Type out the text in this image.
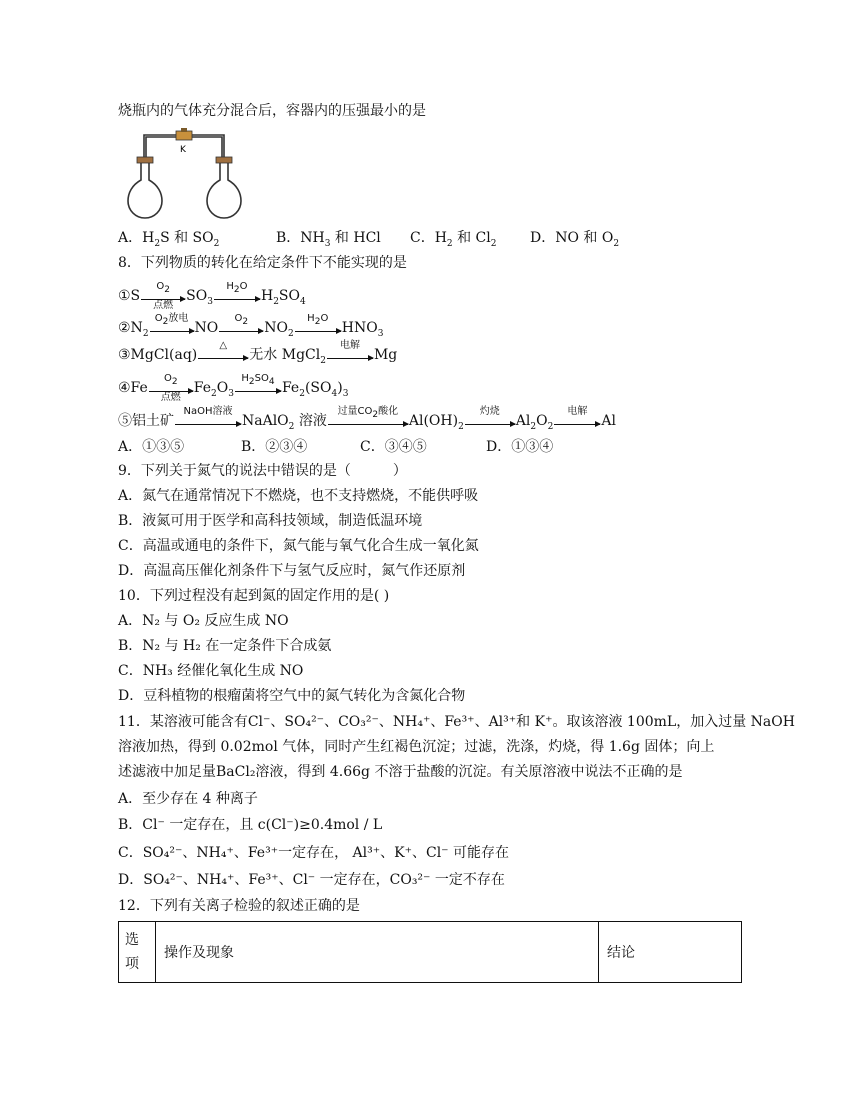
烧瓶内的气体充分混合后，容器内的压强最小的是
K
A．$H_2S$ 和 $SO_2$	B．$NH_3$ 和 HCl C．$H_2$ 和 $Cl_2$ D．NO 和 $O_2$
8．下列物质的转化在给定条件下不能实现的是
①S
$O_2$
点燃
$SO_3$
$H_2O$
$H_2SO_4$
$②N_2$
$O_2$放电
NO
$O_2$	$NO_2$
$H_2O$
$HNO_3$
③MgCl(aq)
△
无水 MgCl$_2$
电解
Mg
④Fe
$O_2$
点燃
$Fe_2O_3$
$H_2SO_4$ $Fe_2(SO_4)_3$
⑤铝土矿
NaOH溶液
NaAlO$_2$ 溶液
过量$CO_2$酸化
$Al(OH)_2$
灼烧
$Al_2O_2$
电解
Al
A．①③⑤	B．②③④	C．③④⑤	D．①③④
9．下列关于氮气的说法中错误的是（　　　）
A．氮气在通常情况下不燃烧，也不支持燃烧，不能供呼吸
B．液氮可用于医学和高科技领域，制造低温环境
C．高温或通电的条件下，氮气能与氧气化合生成一氧化氮
D．高温高压催化剂条件下与氢气反应时，氮气作还原剂
10．下列过程没有起到氮的固定作用的是( )
A．N₂ 与 O₂ 反应生成 NO
B．N₂ 与 H₂ 在一定条件下合成氨
C．NH₃ 经催化氧化生成 NO
D．豆科植物的根瘤菌将空气中的氮气转化为含氮化合物
11．某溶液可能含有Cl⁻、SO₄²⁻、CO₃²⁻、NH₄⁺、Fe³⁺、Al³⁺和 K⁺。取该溶液 100mL，加入过量 NaOH
溶液加热，得到 0.02mol 气体，同时产生红褐色沉淀；过滤，洗涤，灼烧，得 1.6g 固体；向上
述滤液中加足量BaCl₂溶液，得到 4.66g 不溶于盐酸的沉淀。有关原溶液中说法不正确的是
A．至少存在 4 种离子
B．Cl⁻ 一定存在，且 c(Cl⁻)≥0.4mol / L
C．SO₄²⁻、NH₄⁺、Fe³⁺一定存在， Al³⁺、K⁺、Cl⁻ 可能存在
D．SO₄²⁻、NH₄⁺、Fe³⁺、Cl⁻ 一定存在，CO₃²⁻ 一定不存在
12．下列有关离子检验的叙述正确的是
选项	操作及现象	结论
